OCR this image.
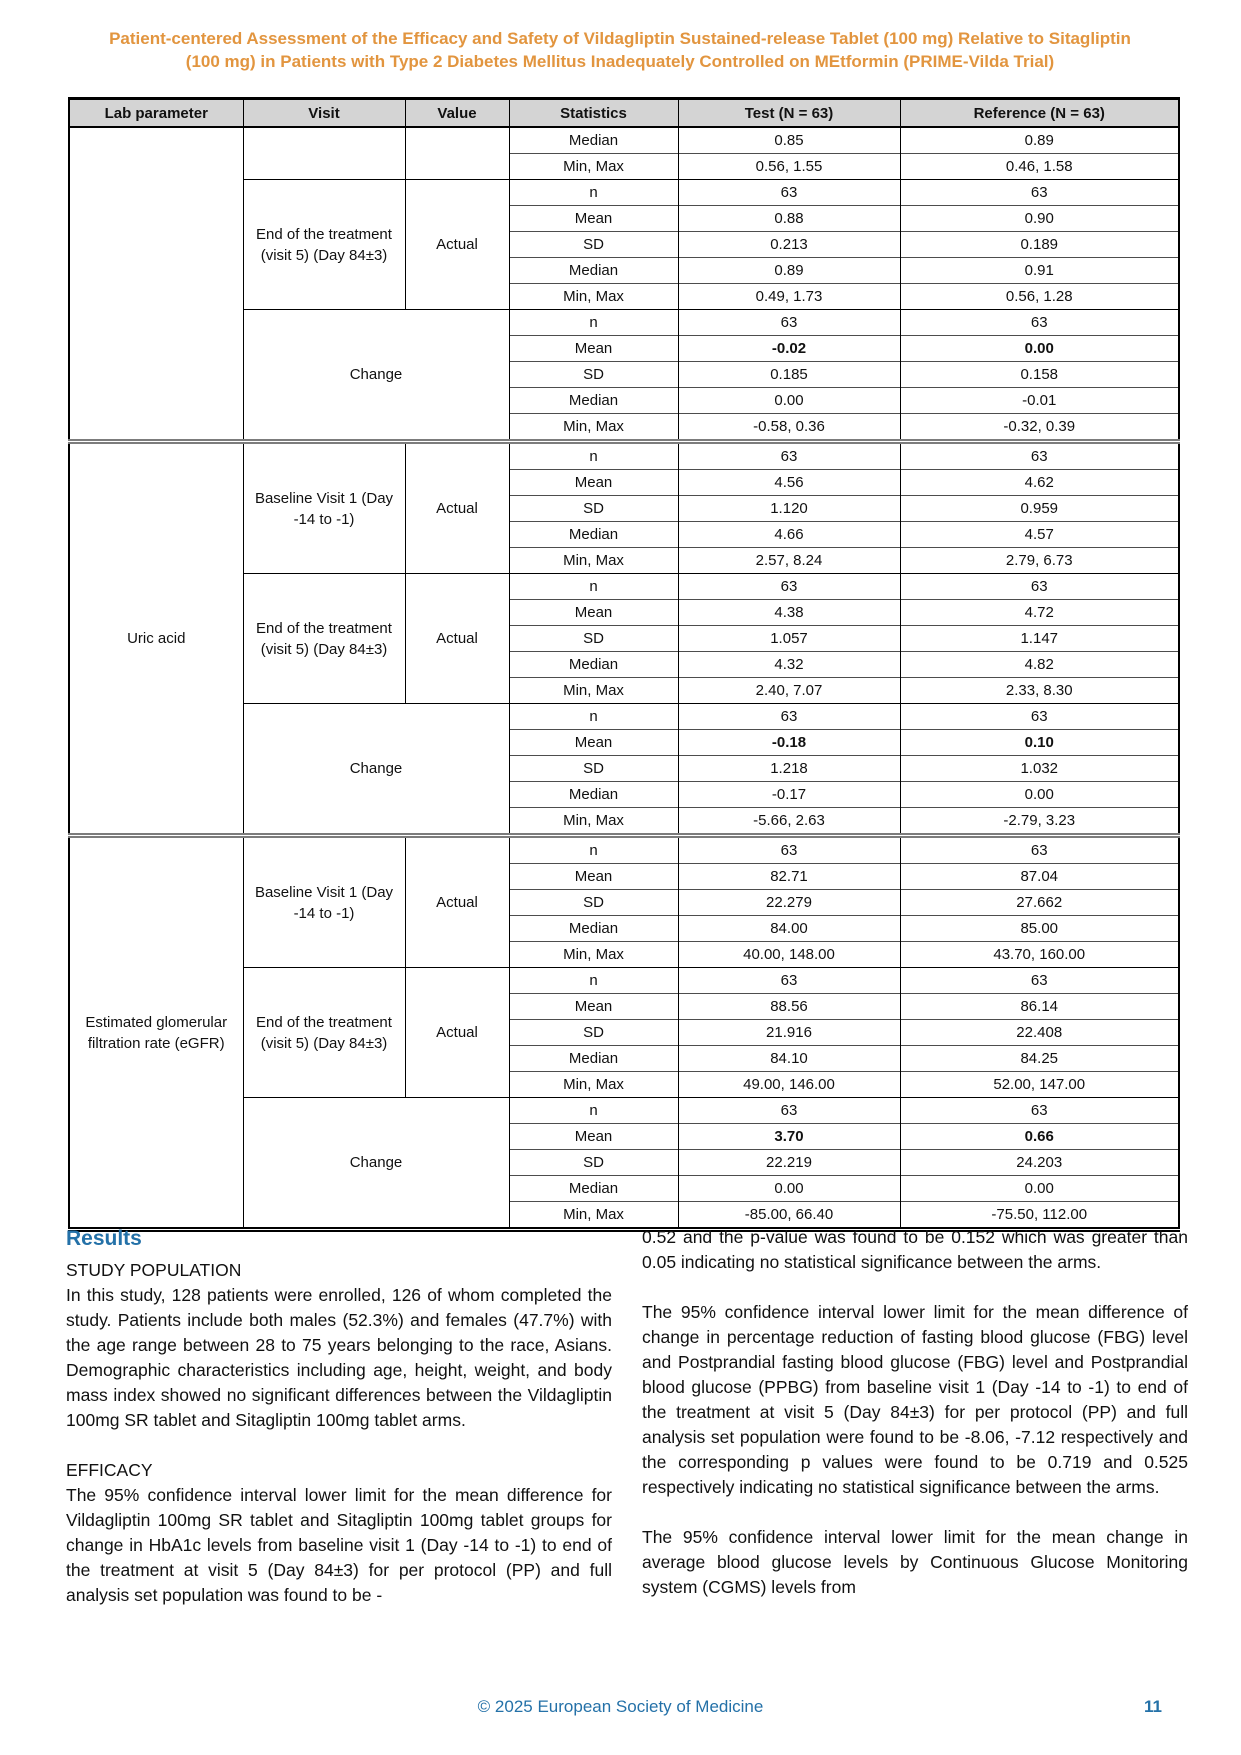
Patient-centered Assessment of the Efficacy and Safety of Vildagliptin Sustained-release Tablet (100 mg) Relative to Sitagliptin
(100 mg) in Patients with Type 2 Diabetes Mellitus Inadequately Controlled on MEtformin (PRIME-Vilda Trial)
Lab parameter	Visit	Value	Statistics	Test (N = 63)	Reference (N = 63)
			Median	0.85	0.89
			Min, Max	0.56, 1.55	0.46, 1.58
	End of the treatment (visit 5) (Day 84±3)	Actual	n	63	63
			Mean	0.88	0.90
			SD	0.213	0.189
			Median	0.89	0.91
			Min, Max	0.49, 1.73	0.56, 1.28
	Change		n	63	63
			Mean	-0.02	0.00
			SD	0.185	0.158
			Median	0.00	-0.01
			Min, Max	-0.58, 0.36	-0.32, 0.39
Uric acid	Baseline Visit 1 (Day -14 to -1)	Actual	n	63	63
			Mean	4.56	4.62
			SD	1.120	0.959
			Median	4.66	4.57
			Min, Max	2.57, 8.24	2.79, 6.73
	End of the treatment (visit 5) (Day 84±3)	Actual	n	63	63
			Mean	4.38	4.72
			SD	1.057	1.147
			Median	4.32	4.82
			Min, Max	2.40, 7.07	2.33, 8.30
	Change		n	63	63
			Mean	-0.18	0.10
			SD	1.218	1.032
			Median	-0.17	0.00
			Min, Max	-5.66, 2.63	-2.79, 3.23
Estimated glomerular filtration rate (eGFR)	Baseline Visit 1 (Day -14 to -1)	Actual	n	63	63
			Mean	82.71	87.04
			SD	22.279	27.662
			Median	84.00	85.00
			Min, Max	40.00, 148.00	43.70, 160.00
	End of the treatment (visit 5) (Day 84±3)	Actual	n	63	63
			Mean	88.56	86.14
			SD	21.916	22.408
			Median	84.10	84.25
			Min, Max	49.00, 146.00	52.00, 147.00
	Change		n	63	63
			Mean	3.70	0.66
			SD	22.219	24.203
			Median	0.00	0.00
			Min, Max	-85.00, 66.40	-75.50, 112.00
Results
STUDY POPULATION

In this study, 128 patients were enrolled, 126 of whom completed the study. Patients include both males (52.3%) and females (47.7%) with the age range between 28 to 75 years belonging to the race, Asians. Demographic characteristics including age, height, weight, and body mass index showed no significant differences between the Vildagliptin 100mg SR tablet and Sitagliptin 100mg tablet arms.

EFFICACY

The 95% confidence interval lower limit for the mean difference for Vildagliptin 100mg SR tablet and Sitagliptin 100mg tablet groups for change in HbA1c levels from baseline visit 1 (Day -14 to -1) to end of the treatment at visit 5 (Day 84±3) for per protocol (PP) and full analysis set population was found to be -

0.52 and the p-value was found to be 0.152 which was greater than 0.05 indicating no statistical significance between the arms.

The 95% confidence interval lower limit for the mean difference of change in percentage reduction of fasting blood glucose (FBG) level and Postprandial fasting blood glucose (FBG) level and Postprandial blood glucose (PPBG) from baseline visit 1 (Day -14 to -1) to end of the treatment at visit 5 (Day 84±3) for per protocol (PP) and full analysis set population were found to be -8.06, -7.12 respectively and the corresponding p values were found to be 0.719 and 0.525 respectively indicating no statistical significance between the arms.

The 95% confidence interval lower limit for the mean change in average blood glucose levels by Continuous Glucose Monitoring system (CGMS) levels from

© 2025 European Society of Medicine	11
